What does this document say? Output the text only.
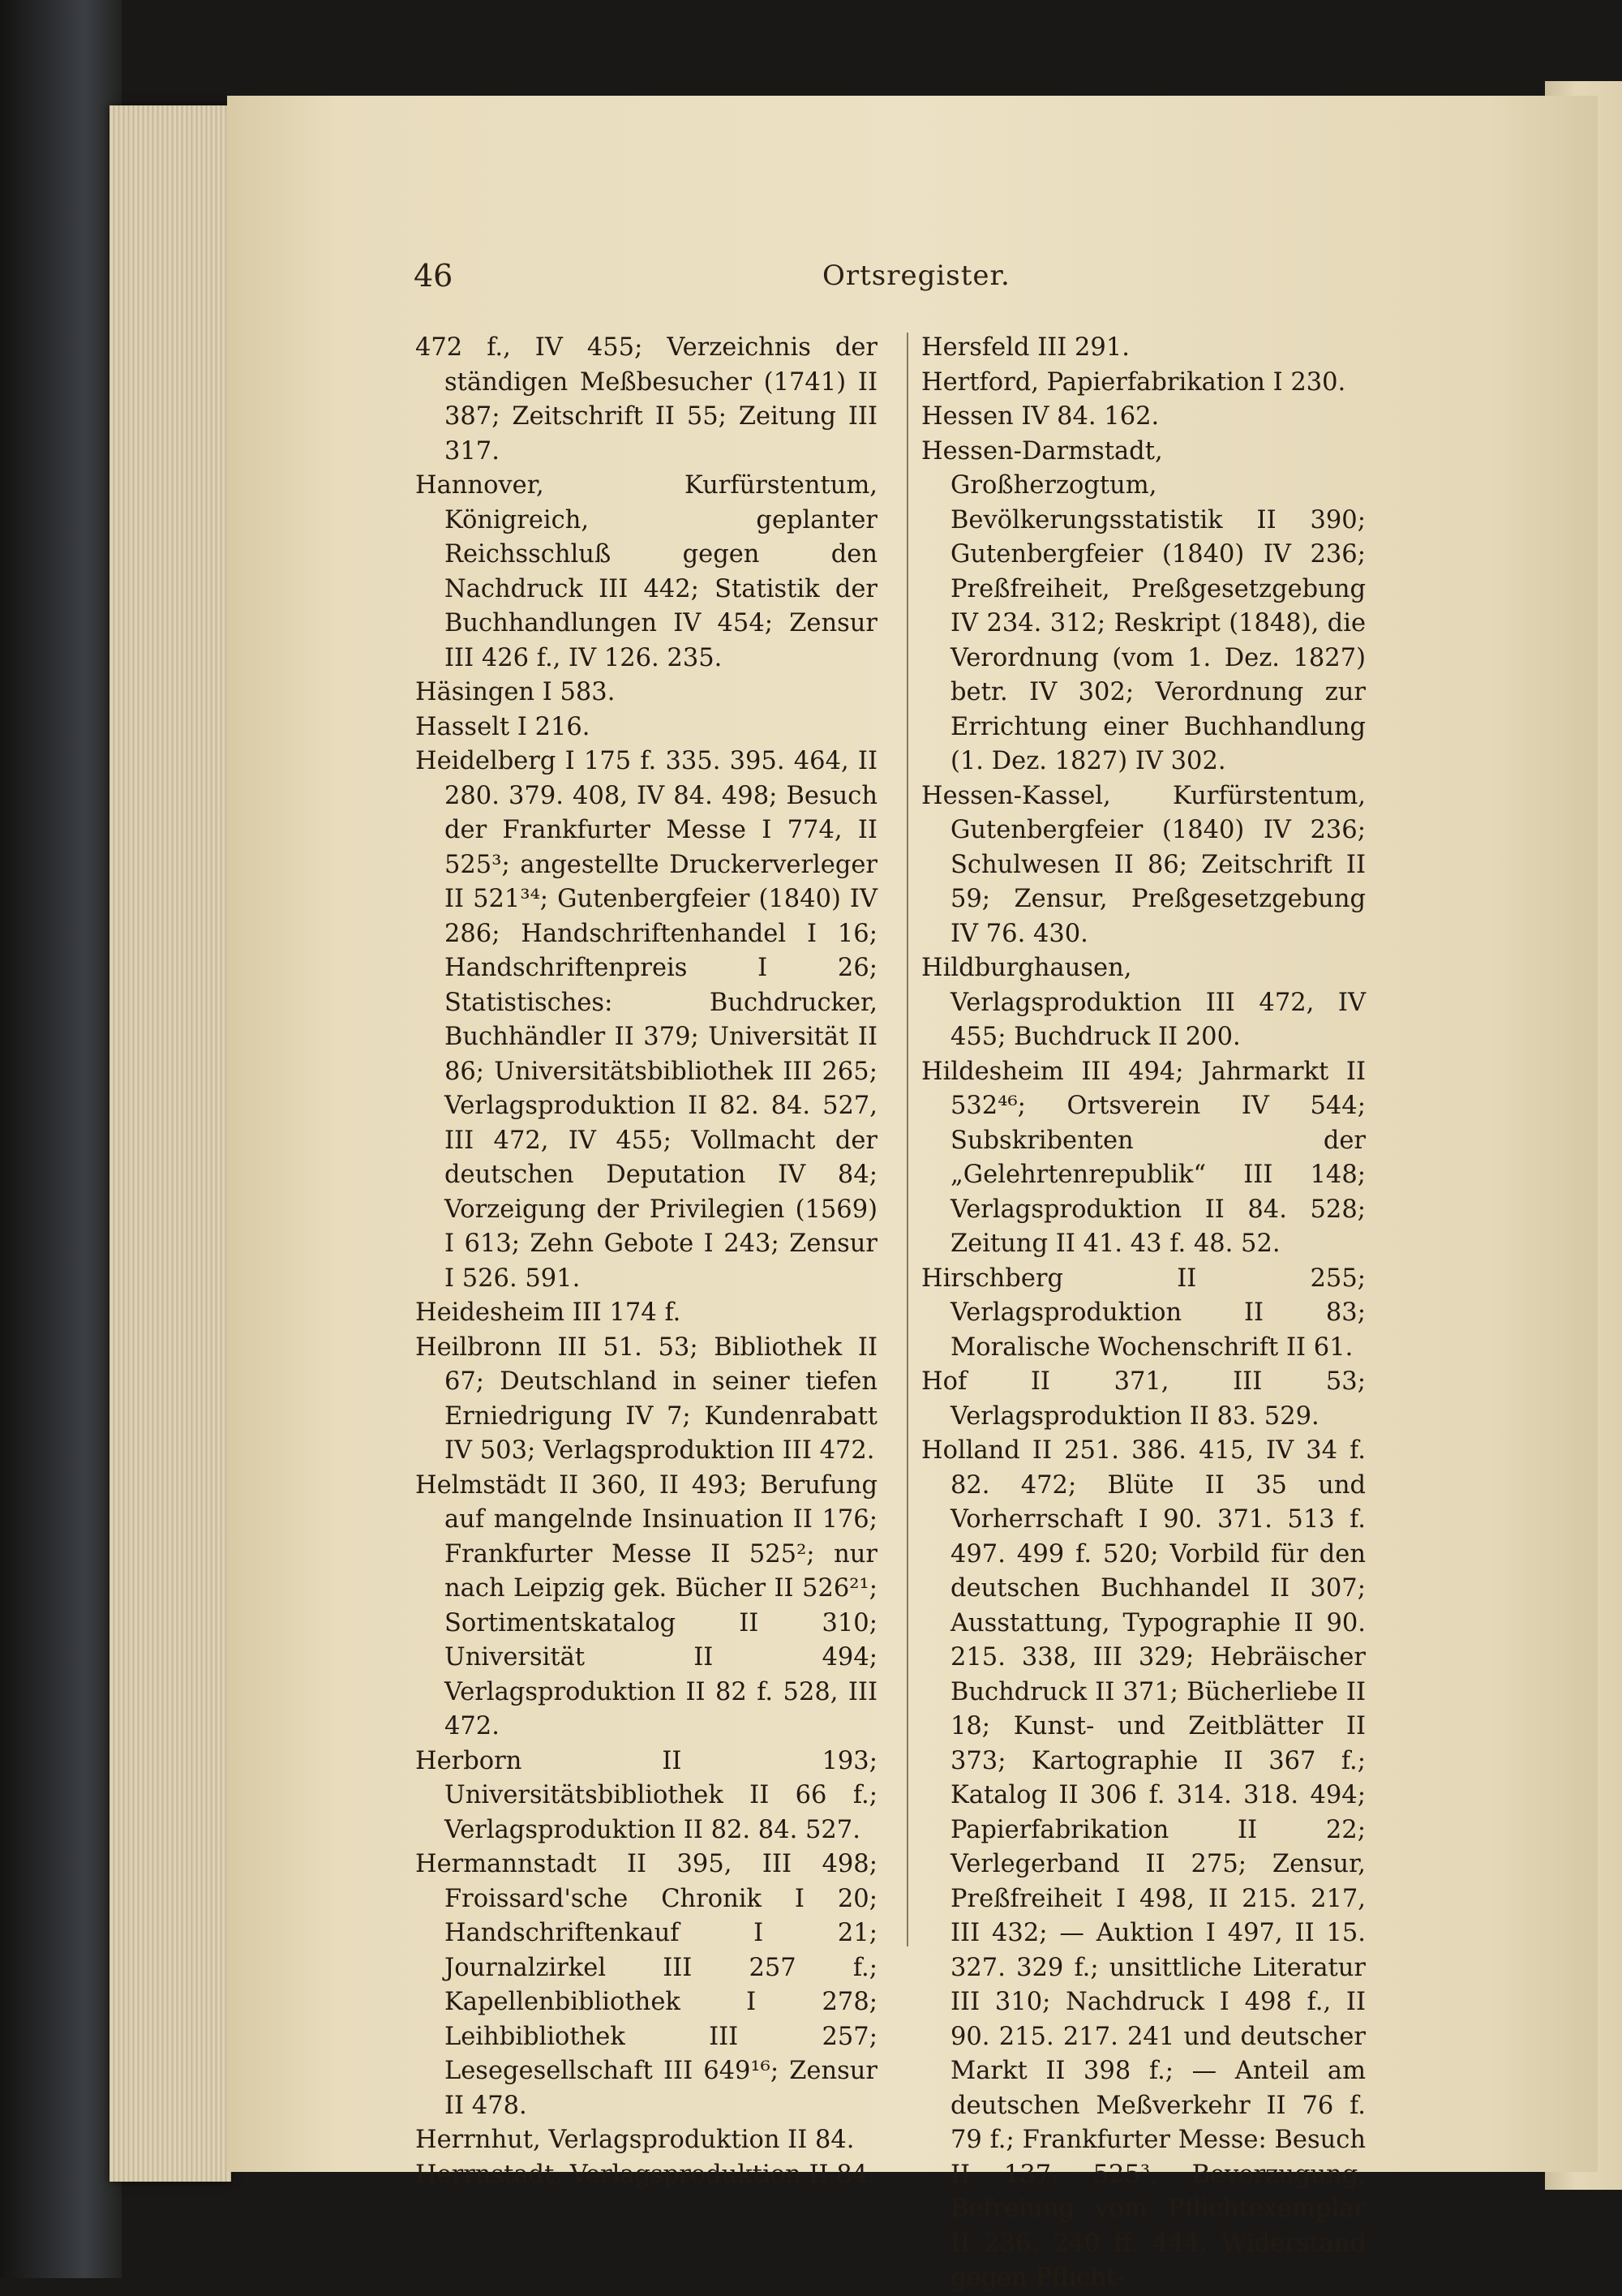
46	Ortsregister.

472 f., IV 455; Verzeichnis der ständigen Meßbesucher (1741) II 387; Zeitschrift II 55; Zeitung III 317.

Hannover, Kurfürstentum, Königreich, geplanter Reichsschluß gegen den Nachdruck III 442; Statistik der Buchhandlungen IV 454; Zensur III 426 f., IV 126. 235.

Häsingen I 583.

Hasselt I 216.

Heidelberg I 175 f. 335. 395. 464, II 280. 379. 408, IV 84. 498; Besuch der Frankfurter Messe I 774, II 525³; angestellte Druckerverleger II 521³⁴; Gutenbergfeier (1840) IV 286; Handschriftenhandel I 16; Handschriftenpreis I 26; Statistisches: Buchdrucker, Buchhändler II 379; Universität II 86; Universitätsbibliothek III 265; Verlagsproduktion II 82. 84. 527, III 472, IV 455; Vollmacht der deutschen Deputation IV 84; Vorzeigung der Privilegien (1569) I 613; Zehn Gebote I 243; Zensur I 526. 591.

Heidesheim III 174 f.

Heilbronn III 51. 53; Bibliothek II 67; Deutschland in seiner tiefen Erniedrigung IV 7; Kundenrabatt IV 503; Verlagsproduktion III 472.

Helmstädt II 360, II 493; Berufung auf mangelnde Insinuation II 176; Frankfurter Messe II 525²; nur nach Leipzig gek. Bücher II 526²¹; Sortimentskatalog II 310; Universität II 494; Verlagsproduktion II 82 f. 528, III 472.

Herborn II 193; Universitätsbibliothek II 66 f.; Verlagsproduktion II 82. 84. 527.

Hermannstadt II 395, III 498; Froissard'sche Chronik I 20; Handschriftenkauf I 21; Journalzirkel III 257 f.; Kapellenbibliothek I 278; Leihbibliothek III 257; Lesegesellschaft III 649¹⁶; Zensur II 478.

Herrnhut, Verlagsproduktion II 84.

Herrnstadt, Verlagsproduktion II 84.

Hersfeld III 291.

Hertford, Papierfabrikation I 230.

Hessen IV 84. 162.

Hessen-Darmstadt, Großherzogtum, Bevölkerungsstatistik II 390; Gutenbergfeier (1840) IV 236; Preßfreiheit, Preßgesetzgebung IV 234. 312; Reskript (1848), die Verordnung (vom 1. Dez. 1827) betr. IV 302; Verordnung zur Errichtung einer Buchhandlung (1. Dez. 1827) IV 302.

Hessen-Kassel, Kurfürstentum, Gutenbergfeier (1840) IV 236; Schulwesen II 86; Zeitschrift II 59; Zensur, Preßgesetzgebung IV 76. 430.

Hildburghausen, Verlagsproduktion III 472, IV 455; Buchdruck II 200.

Hildesheim III 494; Jahrmarkt II 532⁴⁶; Ortsverein IV 544; Subskribenten der „Gelehrtenrepublik“ III 148; Verlagsproduktion II 84. 528; Zeitung II 41. 43 f. 48. 52.

Hirschberg II 255; Verlagsproduktion II 83; Moralische Wochenschrift II 61.

Hof II 371, III 53; Verlagsproduktion II 83. 529.

Holland II 251. 386. 415, IV 34 f. 82. 472; Blüte II 35 und Vorherrschaft I 90. 371. 513 f. 497. 499 f. 520; Vorbild für den deutschen Buchhandel II 307; Ausstattung, Typographie II 90. 215. 338, III 329; Hebräischer Buchdruck II 371; Bücherliebe II 18; Kunst- und Zeitblätter II 373; Kartographie II 367 f.; Katalog II 306 f. 314. 318. 494; Papierfabrikation II 22; Verlegerband II 275; Zensur, Preßfreiheit I 498, II 215. 217, III 432; — Auktion I 497, II 15. 327. 329 f.; unsittliche Literatur III 310; Nachdruck I 498 f., II 90. 215. 217. 241 und deutscher Markt II 398 f.; — Anteil am deutschen Meßverkehr II 76 f. 79 f.; Frankfurter Messe: Besuch II 137. 525³, Bevorzugung, Befreiung vom Pflichtexemplar II 236. 240 ff. 444, Widerstand gegen Pflicht-
